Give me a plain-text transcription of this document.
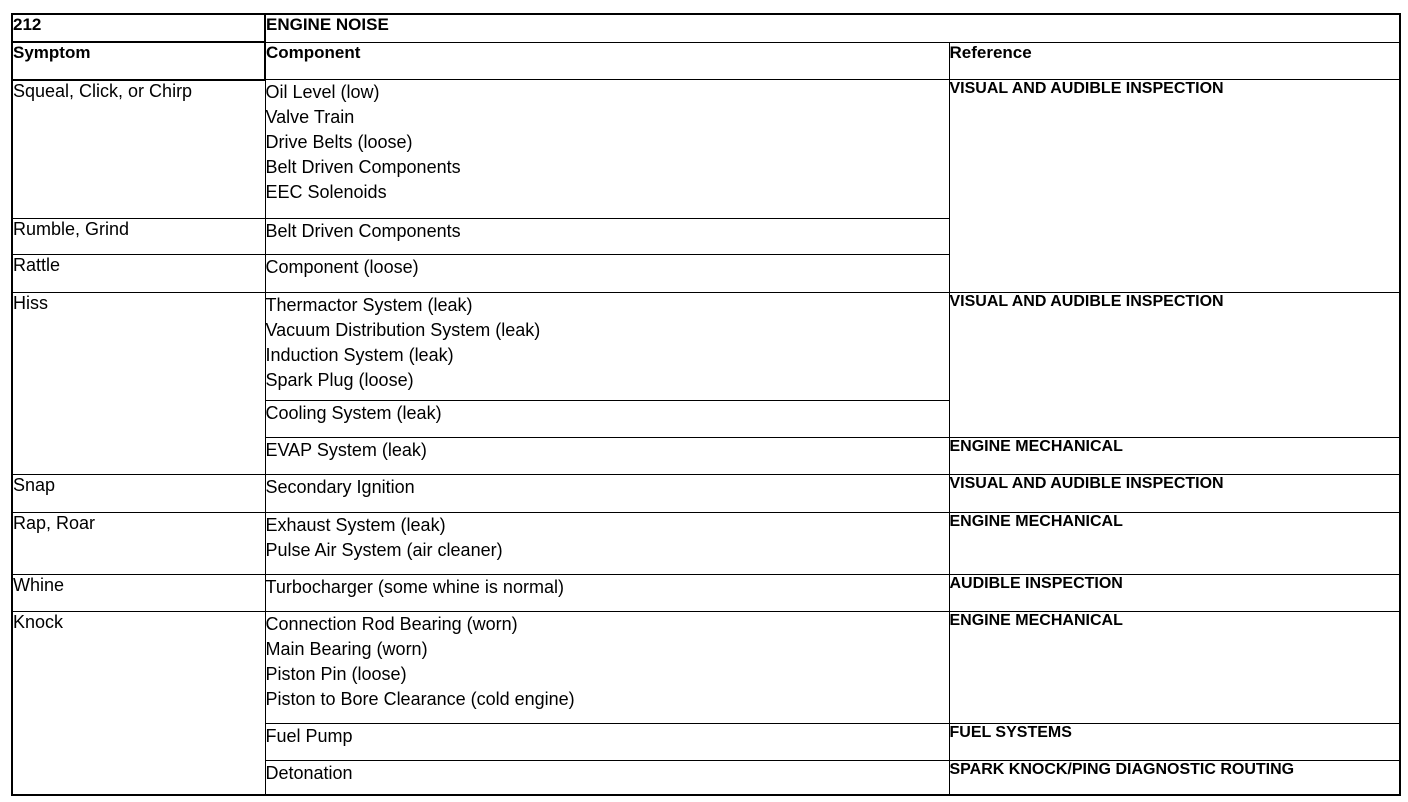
212	ENGINE NOISE	
Symptom	Component	Reference
Squeal, Click, or Chirp	Oil Level (low)
Valve Train
Drive Belts (loose)
Belt Driven Components
EEC Solenoids	VISUAL AND AUDIBLE INSPECTION
Rumble, Grind	Belt Driven Components	

Rattle	Component (loose)	

Hiss	Thermactor System (leak)
Vacuum Distribution System (leak)
Induction System (leak)
Spark Plug (loose)	VISUAL AND AUDIBLE INSPECTION

	Cooling System (leak)	

	EVAP System (leak)	ENGINE MECHANICAL
Snap	Secondary Ignition	VISUAL AND AUDIBLE INSPECTION
Rap, Roar	Exhaust System (leak)
Pulse Air System (air cleaner)	ENGINE MECHANICAL
Whine	Turbocharger (some whine is normal)	AUDIBLE INSPECTION
Knock	Connection Rod Bearing (worn)
Main Bearing (worn)
Piston Pin (loose)
Piston to Bore Clearance (cold engine)	ENGINE MECHANICAL

	Fuel Pump	FUEL SYSTEMS

	Detonation	SPARK KNOCK/PING DIAGNOSTIC ROUTING
